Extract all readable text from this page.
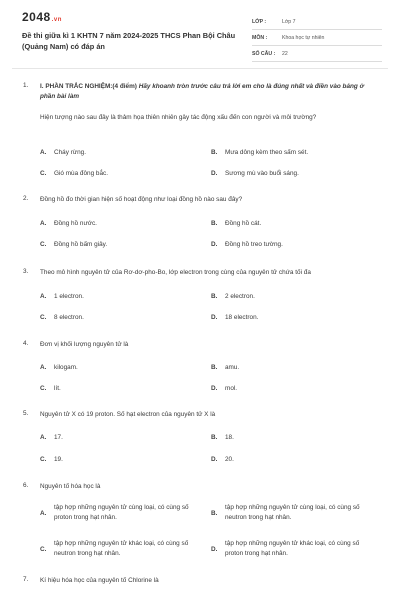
2048.vn
Đề thi giữa kì 1 KHTN 7 năm 2024-2025 THCS Phan Bội Châu (Quảng Nam) có đáp án
LỚP :	Lớp 7
MÔN :	Khoa học tự nhiên
SỐ CÂU :	22
1. I. PHẦN TRẮC NGHIỆM:(4 điểm) Hãy khoanh tròn trước câu trả lời em cho là đúng nhất và điền vào bảng ở phần bài làm
Hiện tượng nào sau đây là thảm họa thiên nhiên gây tác động xấu đến con người và môi trường?
A. Cháy rừng.	B. Mưa dông kèm theo sấm sét.
C. Gió mùa đông bắc.	D. Sương mù vào buổi sáng.
2. Đồng hồ đo thời gian hiện số hoạt động như loại đồng hồ nào sau đây?
A. Đồng hồ nước.	B. Đồng hồ cát.
C. Đồng hồ bấm giây.	D. Đồng hồ treo tường.
3. Theo mô hình nguyên tử của Rơ-dơ-pho-Bo, lớp electron trong cùng của nguyên tử chứa tối đa
A. 1 electron.	B. 2 electron.
C. 8 electron.	D. 18 electron.
4. Đơn vị khối lượng nguyên tử là
A. kilogam.	B. amu.
C. lít.	D. mol.
5. Nguyên tử X có 19 proton. Số hạt electron của nguyên tử X là
A. 17.	B. 18.
C. 19.	D. 20.
6. Nguyên tố hóa học là
A.
tập hợp những nguyên tử cùng loại, có cùng số proton trong hạt nhân.
B.
tập hợp những nguyên tử cùng loại, có cùng số neutron trong hạt nhân.
C.
tập hợp những nguyên tử khác loại, có cùng số neutron trong hạt nhân.
D.
tập hợp những nguyên tử khác loại, có cùng số proton trong hạt nhân.
7. Kí hiệu hóa học của nguyên tố Chlorine là
